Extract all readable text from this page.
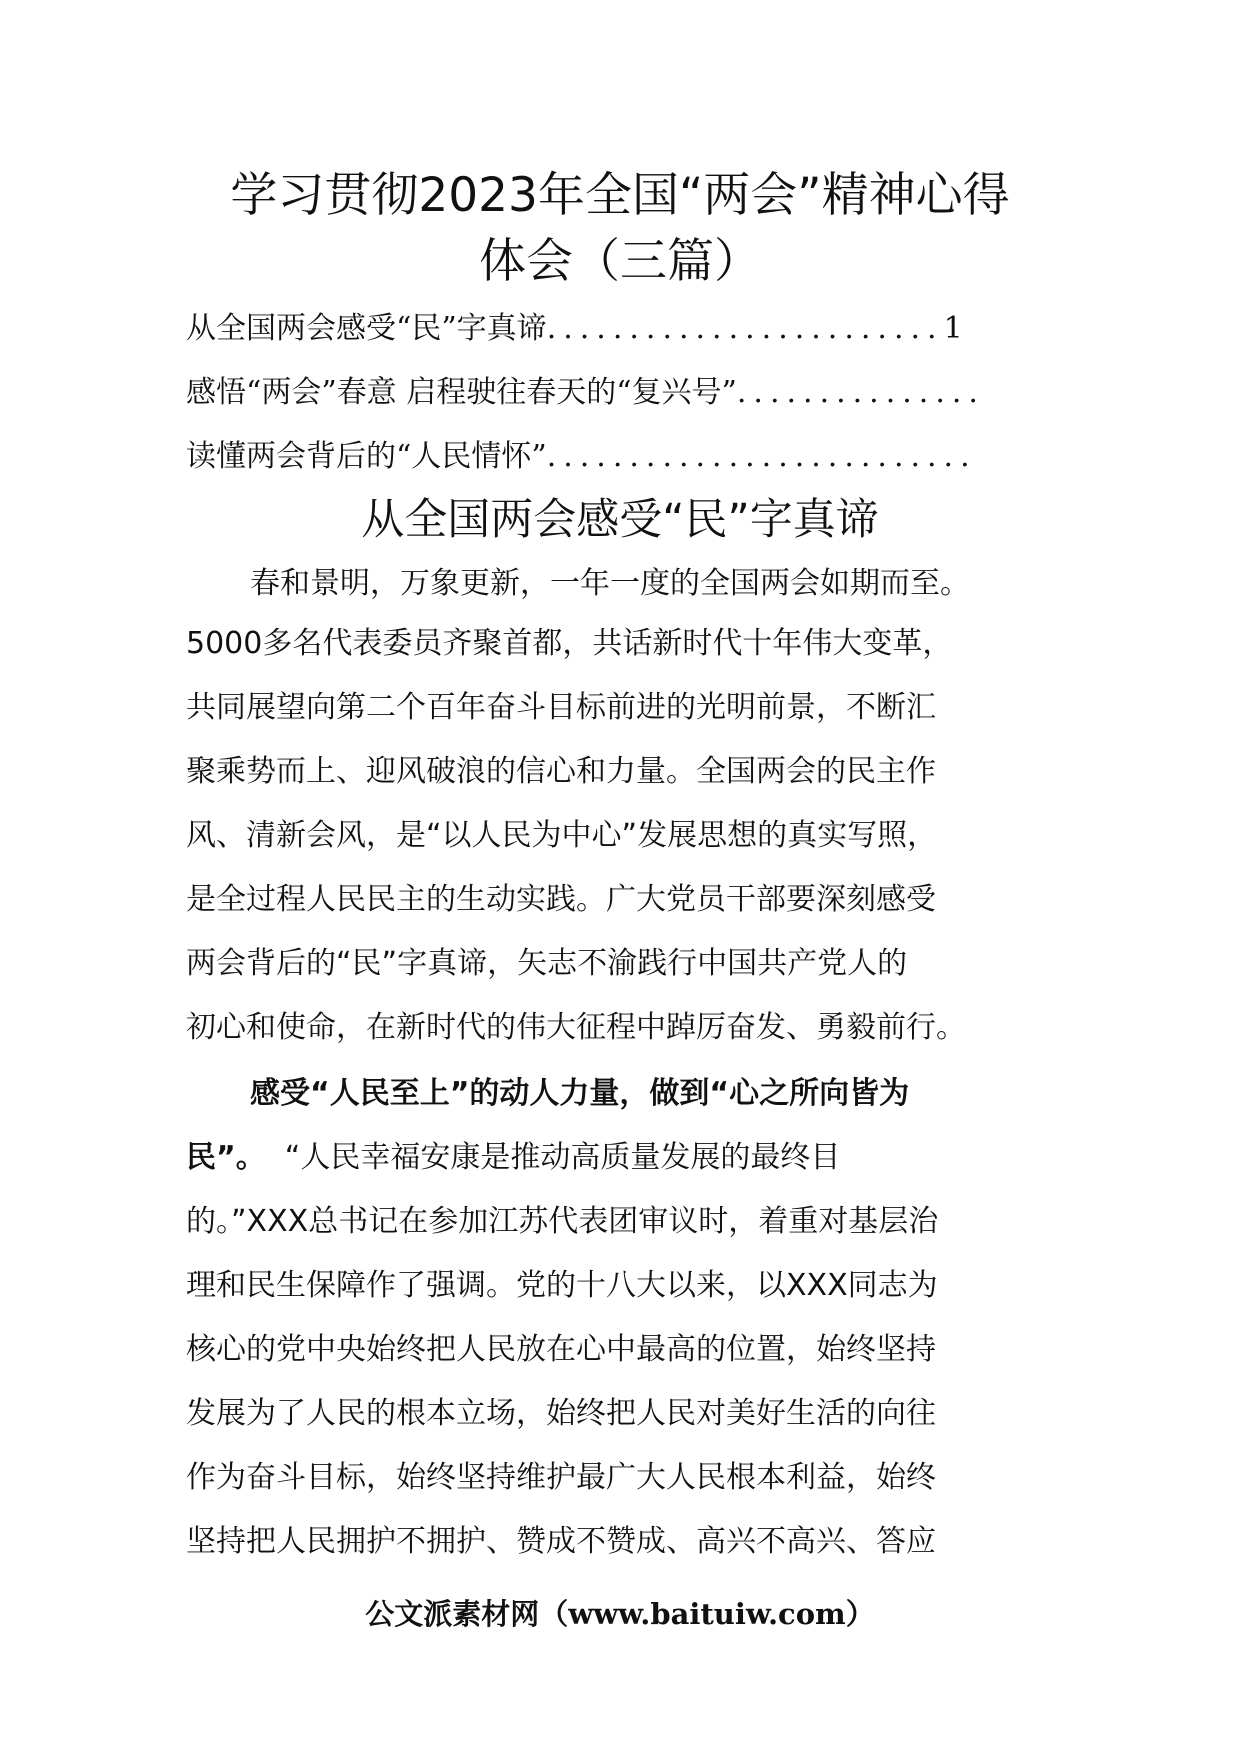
学习贯彻2023年全国“两会”精神心得
体会（三篇）
从全国两会感受“民”字真谛........................1
感悟“两会”春意 启程驶往春天的“复兴号”...............
读懂两会背后的“人民情怀”..........................
从全国两会感受“民”字真谛
春和景明，万象更新，一年一度的全国两会如期而至。
5000多名代表委员齐聚首都，共话新时代十年伟大变革，
共同展望向第二个百年奋斗目标前进的光明前景，不断汇
聚乘势而上、迎风破浪的信心和力量。全国两会的民主作
风、清新会风，是“以人民为中心”发展思想的真实写照，
是全过程人民民主的生动实践。广大党员干部要深刻感受
两会背后的“民”字真谛，矢志不渝践行中国共产党人的
初心和使命，在新时代的伟大征程中踔厉奋发、勇毅前行。
感受“人民至上”的动人力量，做到“心之所向皆为
民”。 “人民幸福安康是推动高质量发展的最终目
的。”XXX总书记在参加江苏代表团审议时，着重对基层治
理和民生保障作了强调。党的十八大以来，以XXX同志为
核心的党中央始终把人民放在心中最高的位置，始终坚持
发展为了人民的根本立场，始终把人民对美好生活的向往
作为奋斗目标，始终坚持维护最广大人民根本利益，始终
坚持把人民拥护不拥护、赞成不赞成、高兴不高兴、答应
公文派素材网（www.baituiw.com）
